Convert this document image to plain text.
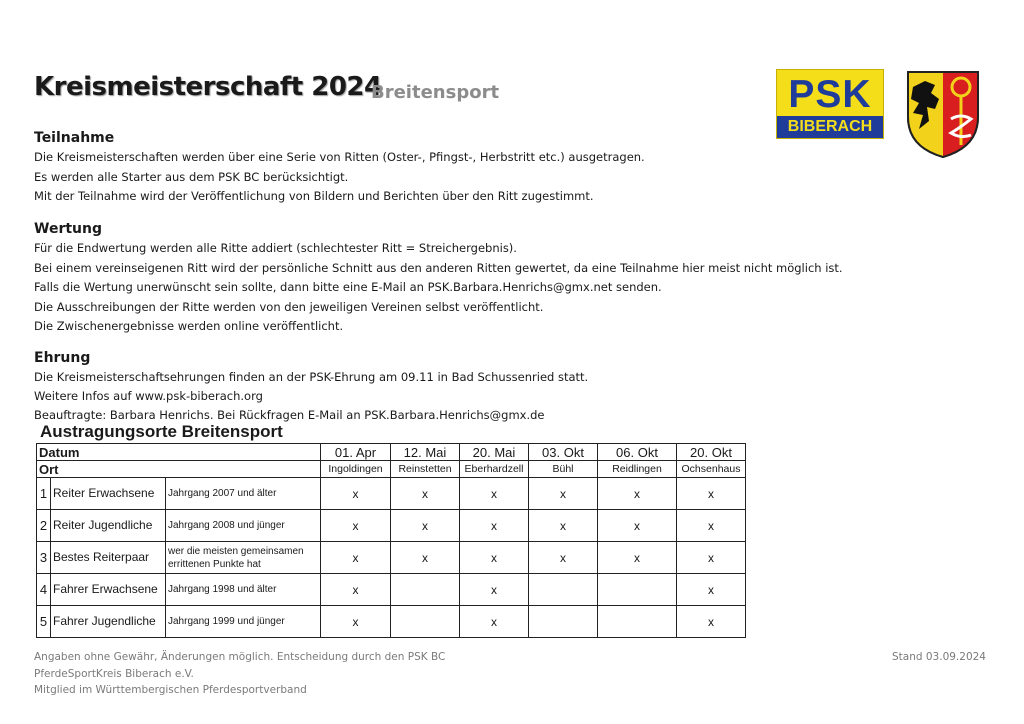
Kreismeisterschaft 2024
Breitensport	PSK
BIBERACH
Teilnahme

Die Kreismeisterschaften werden über eine Serie von Ritten (Oster-, Pfingst-, Herbstritt etc.) ausgetragen.

Es werden alle Starter aus dem PSK BC berücksichtigt.

Mit der Teilnahme wird der Veröffentlichung von Bildern und Berichten über den Ritt zugestimmt.

Wertung

Für die Endwertung werden alle Ritte addiert (schlechtester Ritt = Streichergebnis).

Bei einem vereinseigenen Ritt wird der persönliche Schnitt aus den anderen Ritten gewertet, da eine Teilnahme hier meist nicht möglich ist.

Falls die Wertung unerwünscht sein sollte, dann bitte eine E-Mail an PSK.Barbara.Henrichs@gmx.net senden.

Die Ausschreibungen der Ritte werden von den jeweiligen Vereinen selbst veröffentlicht.

Die Zwischenergebnisse werden online veröffentlicht.

Ehrung

Die Kreismeisterschaftsehrungen finden an der PSK-Ehrung am 09.11 in Bad Schussenried statt.

Weitere Infos auf www.psk-biberach.org

Beauftragte: Barbara Henrichs. Bei Rückfragen E-Mail an PSK.Barbara.Henrichs@gmx.de

Austragungsorte Breitensport
Datum			01. Apr	12. Mai	20. Mai	03. Okt	06. Okt	20. Okt
Ort			Ingoldingen	Reinstetten	Eberhardzell	Bühl	Reidlingen	Ochsenhaus
1	Reiter Erwachsene	Jahrgang 2007 und älter	x	x	x	x	x	x
2	Reiter Jugendliche	Jahrgang 2008 und jünger	x	x	x	x	x	x
3	Bestes Reiterpaar	wer die meisten gemeinsamen errittenen Punkte hat	x	x	x	x	x	x
4	Fahrer Erwachsene	Jahrgang 1998 und älter	x		x			x
5	Fahrer Jugendliche	Jahrgang 1999 und jünger	x		x			x

Angaben ohne Gewähr, Änderungen möglich. Entscheidung durch den PSK BC

PferdeSportKreis Biberach e.V.

Mitglied im Württembergischen Pferdesportverband

Stand 03.09.2024
